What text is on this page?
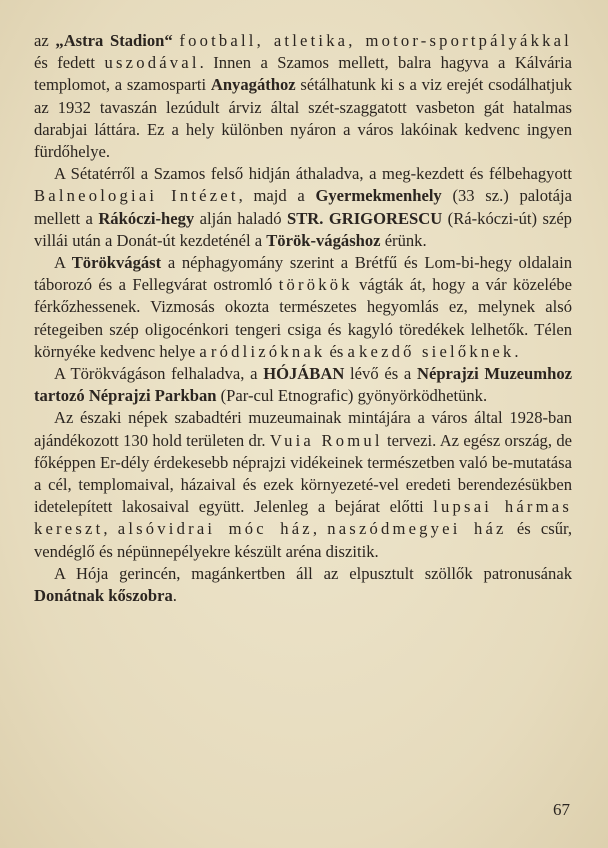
az „Astra Stadion“ football, atletika, motor-sportpályákkal és fedett uszodával. Innen a Szamos mellett, balra hagyva a Kálvária templomot, a szamosparti Anyagáthoz sétálhatunk ki s a viz erejét csodálhatjuk az 1932 tavaszán lezúdult árviz által szét-szaggatott vasbeton gát hatalmas darabjai láttára. Ez a hely különben nyáron a város lakóinak kedvenc ingyen fürdőhelye.

A Sétatérről a Szamos felső hidján áthaladva, a meg-kezdett és félbehagyott Balneologiai Intézet, majd a Gyermekmenhely (33 sz.) palotája mellett a Rákóczi-hegy alján haladó STR. GRIGORESCU (Rá-kóczi-út) szép villái után a Donát-út kezdeténél a Török-vágáshoz érünk.

A Törökvágást a néphagyomány szerint a Brétfű és Lom-bi-hegy oldalain táborozó és a Fellegvárat ostromló törökök vágták át, hogy a vár közelébe férkőzhessenek. Vizmosás okozta természetes hegyomlás ez, melynek alsó rétegeiben szép oligocénkori tengeri csiga és kagyló töredékek lelhetők. Télen környéke kedvenc helye a ródlizóknak és a kezdő sielőknek.

A Törökvágáson felhaladva, a HÓJÁBAN lévő és a Néprajzi Muzeumhoz tartozó Néprajzi Parkban (Par-cul Etnografic) gyönyörködhetünk.

Az északi népek szabadtéri muzeumainak mintájára a város által 1928-ban ajándékozott 130 hold területen dr. Vuia Romul tervezi. Az egész ország, de főképpen Er-dély érdekesebb néprajzi vidékeinek természetben való be-mutatása a cél, templomaival, házaival és ezek környezeté-vel eredeti berendezésükben idetelepített lakosaival együtt. Jelenleg a bejárat előtti lupsai hármas kereszt, alsóvidrai móc ház, naszódmegyei ház és csűr, vendéglő és népünnepélyekre készült aréna diszitik.

A Hója gerincén, magánkertben áll az elpusztult szöllők patronusának Donátnak kőszobra.

67
